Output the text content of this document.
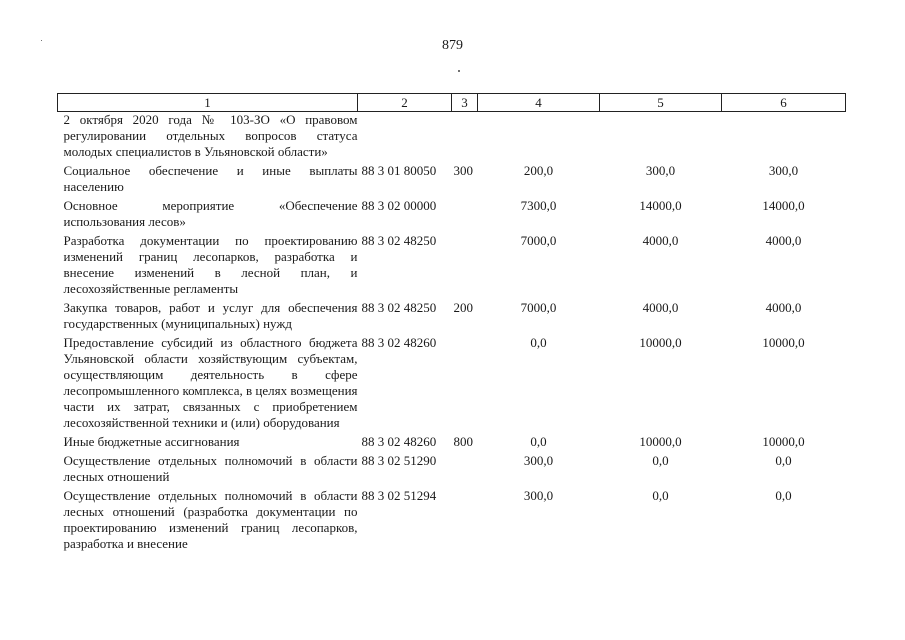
879
1	2	3	4	5	6
2 октября 2020 года № 103-ЗО «О правовом регулировании отдельных вопросов статуса молодых специалистов в Ульяновской области»					
Социальное обеспечение и иные выплаты населению	88 3 01 80050	300	200,0	300,0	300,0
Основное мероприятие «Обеспечение использования лесов»	88 3 02 00000		7300,0	14000,0	14000,0
Разработка документации по проектированию изменений границ лесопарков, разработка и внесение изменений в лесной план, и лесохозяйственные регламенты	88 3 02 48250		7000,0	4000,0	4000,0
Закупка товаров, работ и услуг для обеспечения государственных (муниципальных) нужд	88 3 02 48250	200	7000,0	4000,0	4000,0
Предоставление субсидий из областного бюджета Ульяновской области хозяйствующим субъектам, осуществляющим деятельность в сфере лесопромышленного комплекса, в целях возмещения части их затрат, связанных с приобретением лесохозяйственной техники и (или) оборудования	88 3 02 48260		0,0	10000,0	10000,0
Иные бюджетные ассигнования	88 3 02 48260	800	0,0	10000,0	10000,0
Осуществление отдельных полномочий в области лесных отношений	88 3 02 51290		300,0	0,0	0,0
Осуществление отдельных полномочий в области лесных отношений (разработка документации по проектированию изменений границ лесопарков, разработка и внесение	88 3 02 51294		300,0	0,0	0,0
